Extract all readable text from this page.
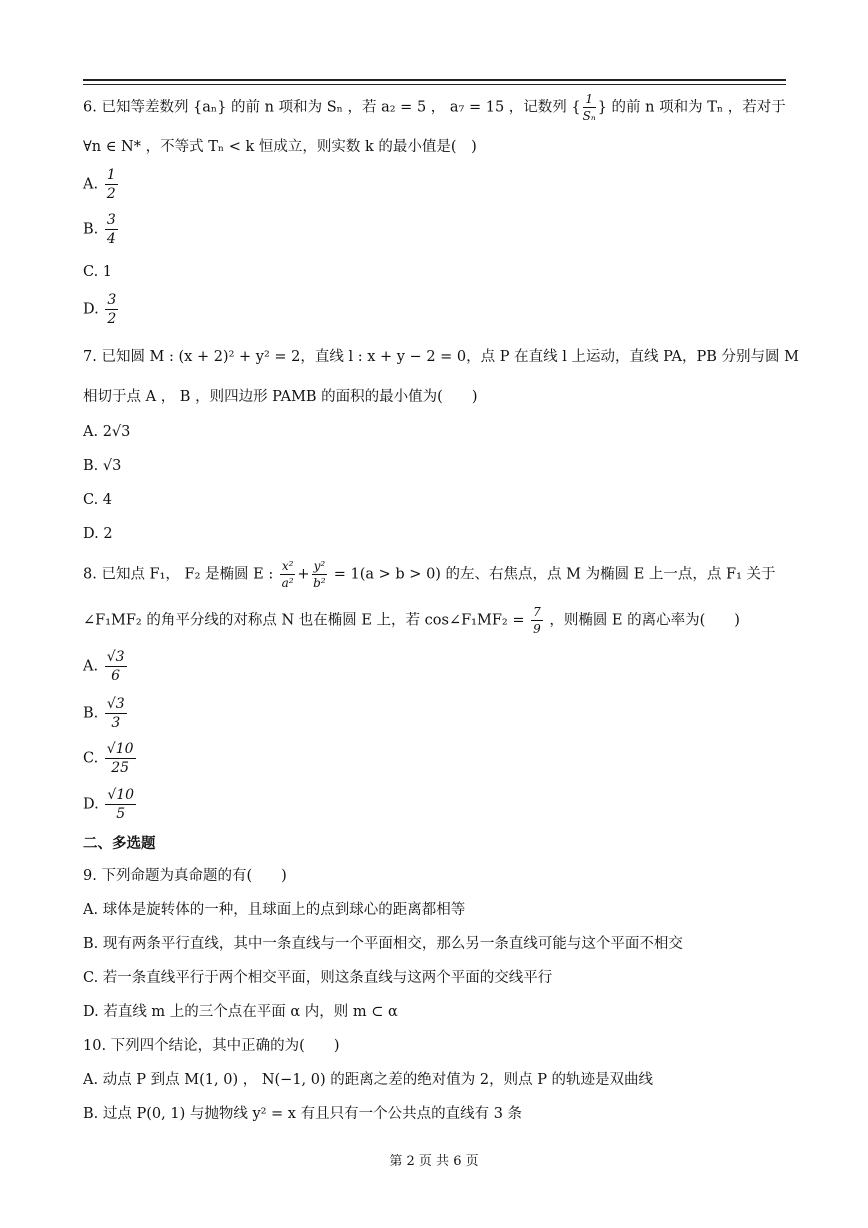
6. 已知等差数列 {aₙ} 的前 n 项和为 Sₙ ，若 a₂ = 5 ， a₇ = 15 ，记数列 { $\frac{1}{\text{Sₙ}}$ } 的前 n 项和为 Tₙ ，若对于
∀n ∈ N* ，不等式 Tₙ < k 恒成立，则实数 k 的最小值是(　)
A. $\frac{1}{2}$
B. $\frac{3}{4}$
C. 1
D. $\frac{3}{2}$
7. 已知圆 M : (x + 2)² + y² = 2，直线 l : x + y − 2 = 0，点 P 在直线 l 上运动，直线 PA，PB 分别与圆 M
相切于点 A ， B ，则四边形 PAMB 的面积的最小值为(　　)
A. 2√3
B. √3
C. 4
D. 2
8. 已知点 F₁， F₂ 是椭圆 E : $\frac{\text{x²}}{\text{a²}} + \frac{\text{y²}}{\text{b²}} = 1(a > b > 0)$ 的左、右焦点，点 M 为椭圆 E 上一点，点 F₁ 关于
∠F₁MF₂ 的角平分线的对称点 N 也在椭圆 E 上，若 cos∠F₁MF₂ = $\frac{7}{9}$ ，则椭圆 E 的离心率为(　　)
A. $\frac{√3}{6}$
B. $\frac{√3}{3}$
C. $\frac{√10}{25}$
D. $\frac{√10}{5}$
二、多选题
9. 下列命题为真命题的有(　　)
A. 球体是旋转体的一种，且球面上的点到球心的距离都相等
B. 现有两条平行直线，其中一条直线与一个平面相交，那么另一条直线可能与这个平面不相交
C. 若一条直线平行于两个相交平面，则这条直线与这两个平面的交线平行
D. 若直线 m 上的三个点在平面 α 内，则 m ⊂ α
10. 下列四个结论，其中正确的为(　　)
A. 动点 P 到点 M(1, 0) ， N(−1, 0) 的距离之差的绝对值为 2，则点 P 的轨迹是双曲线
B. 过点 P(0, 1) 与抛物线 y² = x 有且只有一个公共点的直线有 3 条
第 2 页 共 6 页
